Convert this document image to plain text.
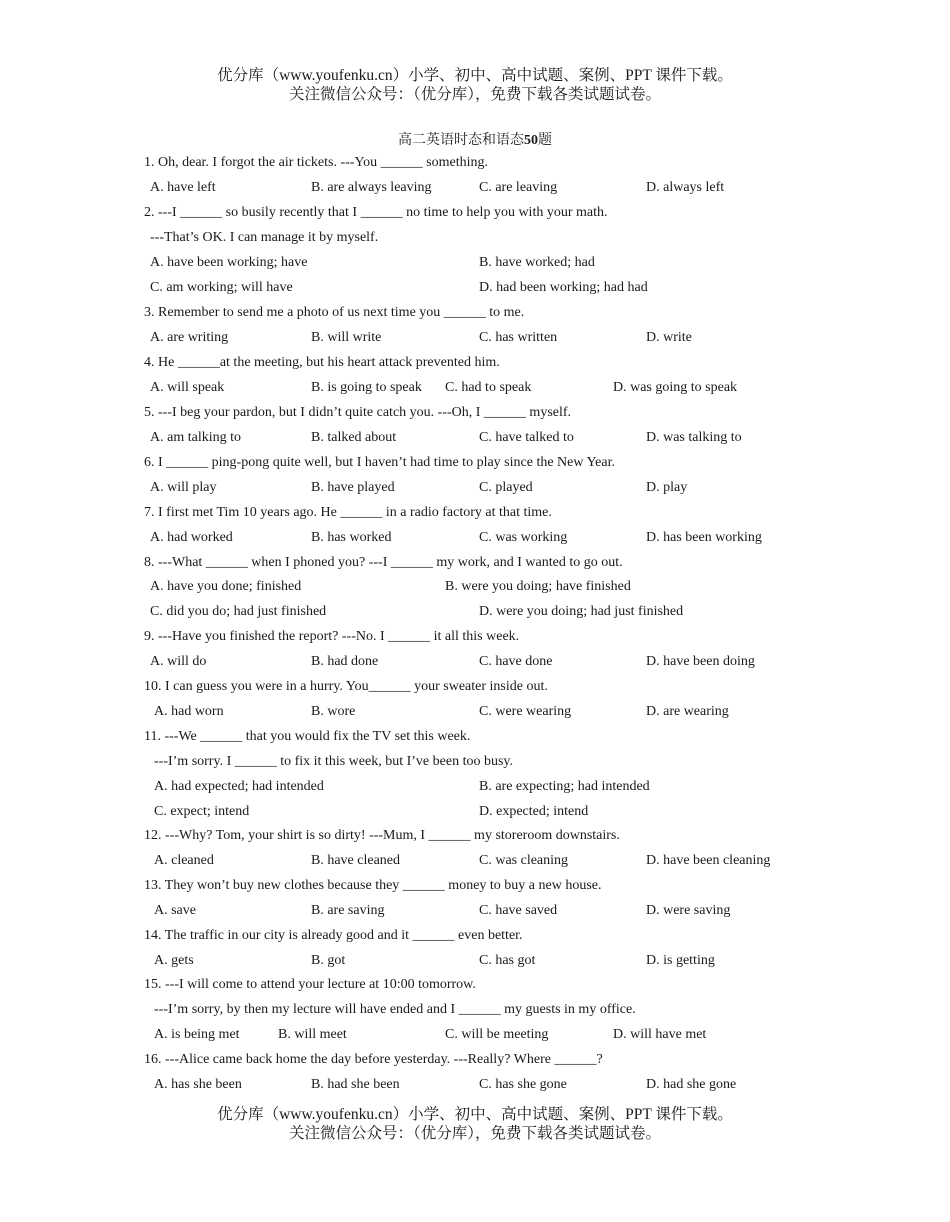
优分库（www.youfenku.cn）小学、初中、高中试题、案例、PPT 课件下载。
关注微信公众号：（优分库），免费下载各类试题试卷。
高二英语时态和语态50题
1. Oh, dear. I forgot the air tickets. ---You ______ something.
A. have left	B. are always leaving	C. are leaving	D. always left
2. ---I ______ so busily recently that I ______ no time to help you with your math.
---That’s OK. I can manage it by myself.
A. have been working; have	B. have worked; had
C. am working; will have	D. had been working; had had
3. Remember to send me a photo of us next time you ______ to me.
A. are writing	B. will write	C. has written	D. write
4. He ______at the meeting, but his heart attack prevented him.
A. will speak	B. is going to speak C. had to speak	D. was going to speak
5. ---I beg your pardon, but I didn’t quite catch you. ---Oh, I ______ myself.
A. am talking to	B. talked about	C. have talked to	D. was talking to
6. I ______ ping-pong quite well, but I haven’t had time to play since the New Year.
A. will play	B. have played	C. played	D. play
7. I first met Tim 10 years ago. He ______ in a radio factory at that time.
A. had worked	B. has worked	C. was working	D. has been working
8. ---What ______ when I phoned you? ---I ______ my work, and I wanted to go out.
A. have you done; finished	B. were you doing; have finished
C. did you do; had just finished	D. were you doing; had just finished
9. ---Have you finished the report? ---No. I ______ it all this week.
A. will do	B. had done	C. have done	D. have been doing
10. I can guess you were in a hurry. You______ your sweater inside out.
A. had worn	B. wore	C. were wearing	D. are wearing
11. ---We ______ that you would fix the TV set this week.
---I’m sorry. I ______ to fix it this week, but I’ve been too busy.
A. had expected; had intended	B. are expecting; had intended
C. expect; intend	D. expected; intend
12. ---Why? Tom, your shirt is so dirty! ---Mum, I ______ my storeroom downstairs.
A. cleaned	B. have cleaned	C. was cleaning	D. have been cleaning
13. They won’t buy new clothes because they ______ money to buy a new house.
A. save	B. are saving	C. have saved	D. were saving
14. The traffic in our city is already good and it ______ even better.
A. gets	B. got	C. has got	D. is getting
15. ---I will come to attend your lecture at 10:00 tomorrow.
---I’m sorry, by then my lecture will have ended and I ______ my guests in my office.
A. is being met	B. will meet	C. will be meeting	D. will have met
16. ---Alice came back home the day before yesterday. ---Really? Where ______?
A. has she been	B. had she been	C. has she gone	D. had she gone
优分库（www.youfenku.cn）小学、初中、高中试题、案例、PPT 课件下载。
关注微信公众号：（优分库），免费下载各类试题试卷。
